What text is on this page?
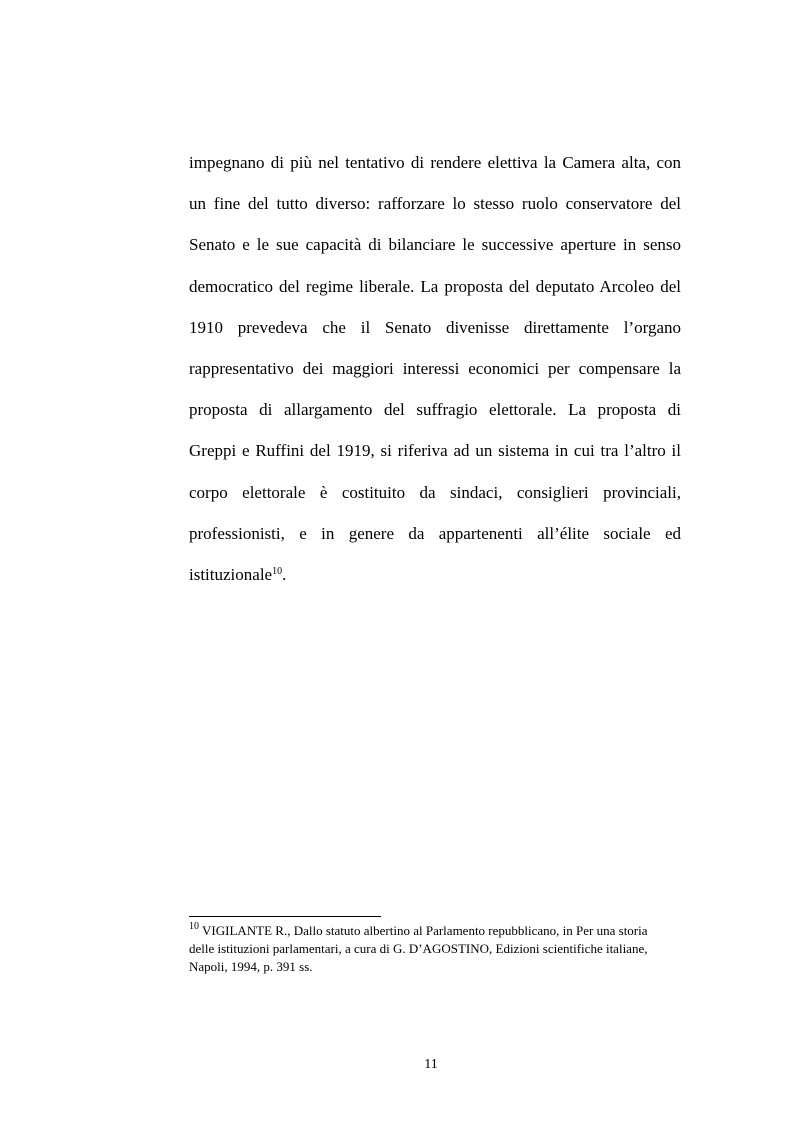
impegnano di più nel tentativo di rendere elettiva la Camera alta, con
un fine del tutto diverso: rafforzare lo stesso ruolo conservatore del
Senato e le sue capacità di bilanciare le successive aperture in senso
democratico del regime liberale. La proposta del deputato Arcoleo del
1910 prevedeva che il Senato divenisse direttamente l’organo
rappresentativo dei maggiori interessi economici per compensare la
proposta di allargamento del suffragio elettorale. La proposta di
Greppi e Ruffini del 1919, si riferiva ad un sistema in cui tra l’altro il
corpo elettorale è costituito da sindaci, consiglieri provinciali,
professionisti, e in genere da appartenenti all’élite sociale ed
istituzionale$^{10}$.
$^{10}$ VIGILANTE R., Dallo statuto albertino al Parlamento repubblicano, in Per una storia
delle istituzioni parlamentari, a cura di G. D’AGOSTINO, Edizioni scientifiche italiane,
Napoli, 1994, p. 391 ss.
11
